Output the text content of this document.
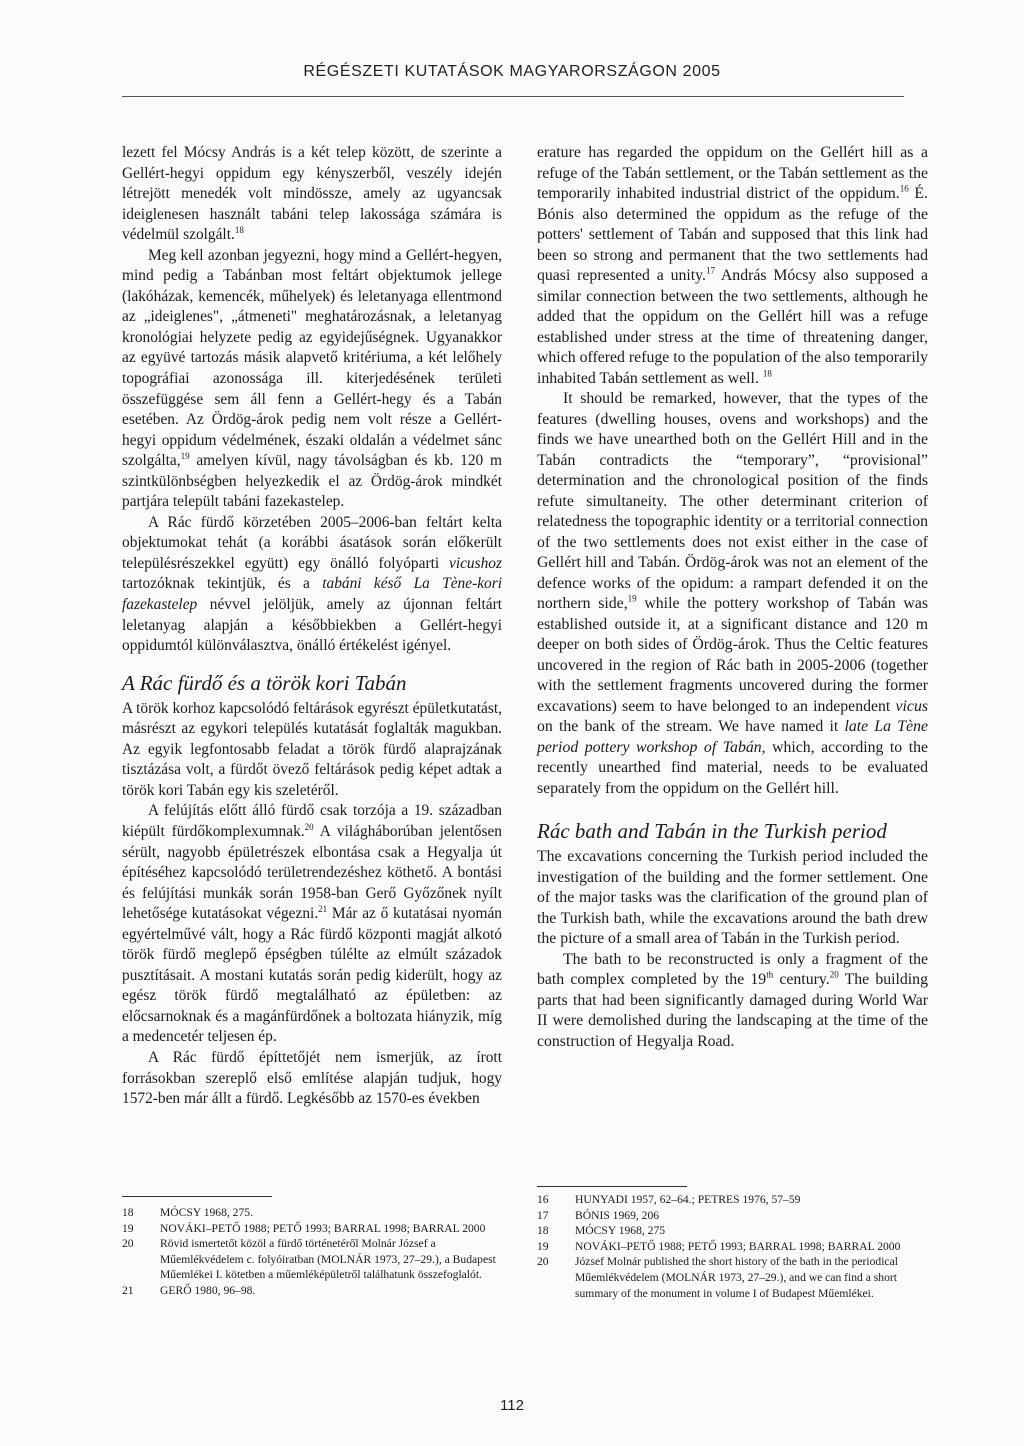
RÉGÉSZETI KUTATÁSOK MAGYARORSZÁGON 2005

lezett fel Mócsy András is a két telep között, de szerinte a Gellért-hegyi oppidum egy kényszerből, veszély idején létrejött menedék volt mindössze, amely az ugyancsak ideiglenesen használt tabáni telep lakossága számára is védelmül szolgált.$^{18}$

Meg kell azonban jegyezni, hogy mind a Gellért-hegyen, mind pedig a Tabánban most feltárt objektumok jellege (lakóházak, kemencék, műhelyek) és leletanyaga ellentmond az „ideiglenes", „átmeneti" meghatározásnak, a leletanyag kronológiai helyzete pedig az egyidejűségnek. Ugyanakkor az együvé tartozás másik alapvető kritériuma, a két lelőhely topográfiai azonossága ill. kiterjedésének területi összefüggése sem áll fenn a Gellért-hegy és a Tabán esetében. Az Ördög-árok pedig nem volt része a Gellért-hegyi oppidum védelmének, északi oldalán a védelmet sánc szolgálta,$^{19}$ amelyen kívül, nagy távolságban és kb. 120 m szintkülönbségben helyezkedik el az Ördög-árok mindkét partjára települt tabáni fazekastelep.

A Rác fürdő körzetében 2005–2006-ban feltárt kelta objektumokat tehát (a korábbi ásatások során előkerült településrészekkel együtt) egy önálló folyóparti vicushoz tartozóknak tekintjük, és a tabáni késő La Tène-kori fazekastelep névvel jelöljük, amely az újonnan feltárt leletanyag alapján a későbbiekben a Gellért-hegyi oppidumtól különválasztva, önálló értékelést igényel.

A Rác fürdő és a török kori Tabán

A török korhoz kapcsolódó feltárások egyrészt épületkutatást, másrészt az egykori település kutatását foglalták magukban. Az egyik legfontosabb feladat a török fürdő alaprajzának tisztázása volt, a fürdőt övező feltárások pedig képet adtak a török kori Tabán egy kis szeletéről.

A felújítás előtt álló fürdő csak torzója a 19. században kiépült fürdőkomplexumnak.$^{20}$ A világháborúban jelentősen sérült, nagyobb épületrészek elbontása csak a Hegyalja út építéséhez kapcsolódó területrendezéshez köthető. A bontási és felújítási munkák során 1958-ban Gerő Győzőnek nyílt lehetősége kutatásokat végezni.$^{21}$ Már az ő kutatásai nyomán egyértelművé vált, hogy a Rác fürdő központi magját alkotó török fürdő meglepő épségben túlélte az elmúlt századok pusztításait. A mostani kutatás során pedig kiderült, hogy az egész török fürdő megtalálható az épületben: az előcsarnoknak és a magánfürdőnek a boltozata hiányzik, míg a medencetér teljesen ép.

A Rác fürdő építtetőjét nem ismerjük, az írott forrásokban szereplő első említése alapján tudjuk, hogy 1572-ben már állt a fürdő. Legkésőbb az 1570-es években

erature has regarded the oppidum on the Gellért hill as a refuge of the Tabán settlement, or the Tabán settlement as the temporarily inhabited industrial district of the oppidum.$^{16}$ É. Bónis also determined the oppidum as the refuge of the potters' settlement of Tabán and supposed that this link had been so strong and permanent that the two settlements had quasi represented a unity.$^{17}$ András Mócsy also supposed a similar connection between the two settlements, although he added that the oppidum on the Gellért hill was a refuge established under stress at the time of threatening danger, which offered refuge to the population of the also temporarily inhabited Tabán settlement as well. $^{18}$

It should be remarked, however, that the types of the features (dwelling houses, ovens and workshops) and the finds we have unearthed both on the Gellért Hill and in the Tabán contradicts the “temporary”, “provisional” determination and the chronological position of the finds refute simultaneity. The other determinant criterion of relatedness the topographic identity or a territorial connection of the two settlements does not exist either in the case of Gellért hill and Tabán. Ördög-árok was not an element of the defence works of the opidum: a rampart defended it on the northern side,$^{19}$ while the pottery workshop of Tabán was established outside it, at a significant distance and 120 m deeper on both sides of Ördög-árok. Thus the Celtic features uncovered in the region of Rác bath in 2005-2006 (together with the settlement fragments uncovered during the former excavations) seem to have belonged to an independent vicus on the bank of the stream. We have named it late La Tène period pottery workshop of Tabán, which, according to the recently unearthed find material, needs to be evaluated separately from the oppidum on the Gellért hill.

Rác bath and Tabán in the Turkish period

The excavations concerning the Turkish period included the investigation of the building and the former settlement. One of the major tasks was the clarification of the ground plan of the Turkish bath, while the excavations around the bath drew the picture of a small area of Tabán in the Turkish period.

The bath to be reconstructed is only a fragment of the bath complex completed by the 19th century.$^{20}$ The building parts that had been significantly damaged during World War II were demolished during the landscaping at the time of the construction of Hegyalja Road.

18	MÓCSY 1968, 275.
19	NOVÁKI–PETŐ 1988; PETŐ 1993; BARRAL 1998; BARRAL 2000
20	Rövid ismertetőt közöl a fürdő történetéről Molnár József a Műemlékvédelem c. folyóiratban (MOLNÁR 1973, 27–29.), a Budapest Műemlékei I. kötetben a műemléképületről találhatunk összefoglalót.
21	GERŐ 1980, 96–98.
16	HUNYADI 1957, 62–64.; PETRES 1976, 57–59
17	BÓNIS 1969, 206
18	MÓCSY 1968, 275
19	NOVÁKI–PETŐ 1988; PETŐ 1993; BARRAL 1998; BARRAL 2000
20	József Molnár published the short history of the bath in the periodical Műemlékvédelem (MOLNÁR 1973, 27–29.), and we can find a short summary of the monument in volume I of Budapest Műemlékei.
112
